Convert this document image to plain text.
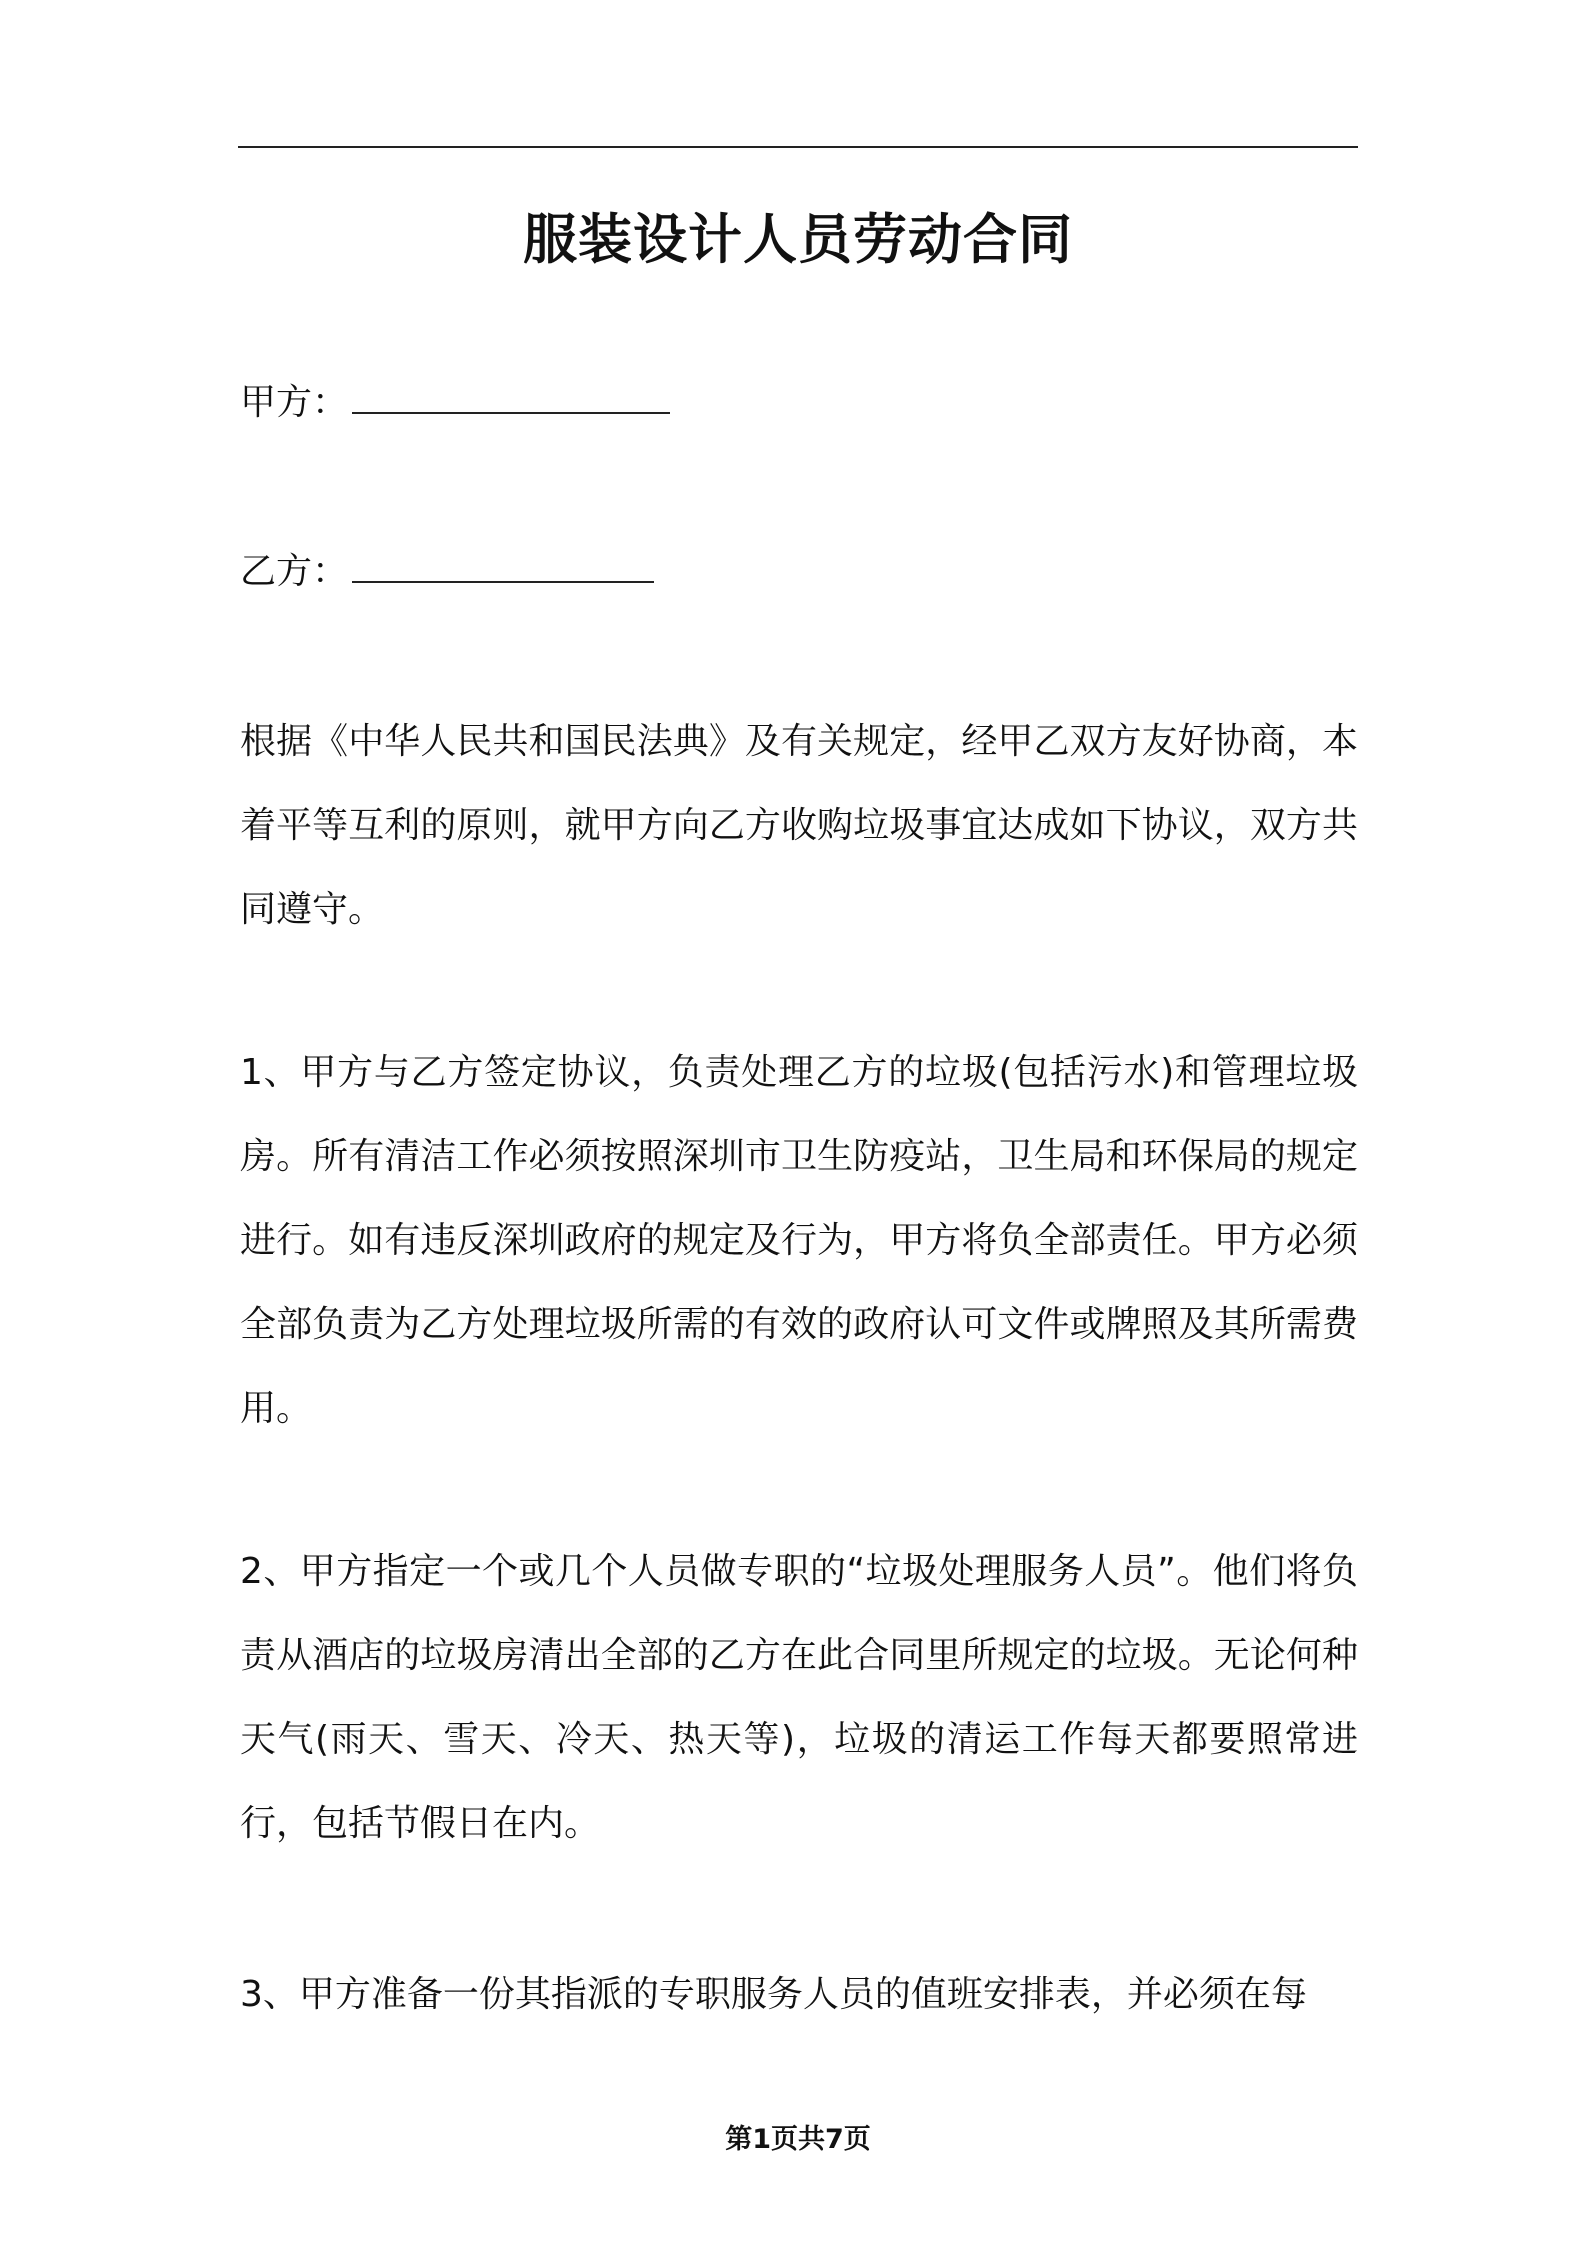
服装设计人员劳动合同
甲方：
乙方：

根据《中华人民共和国民法典》及有关规定，经甲乙双方友好协商，本着平等互利的原则，就甲方向乙方收购垃圾事宜达成如下协议，双方共同遵守。

1、甲方与乙方签定协议，负责处理乙方的垃圾(包括污水)和管理垃圾房。所有清洁工作必须按照深圳市卫生防疫站，卫生局和环保局的规定进行。如有违反深圳政府的规定及行为，甲方将负全部责任。甲方必须全部负责为乙方处理垃圾所需的有效的政府认可文件或牌照及其所需费用。

2、甲方指定一个或几个人员做专职的“垃圾处理服务人员”。他们将负责从酒店的垃圾房清出全部的乙方在此合同里所规定的垃圾。无论何种天气(雨天、雪天、冷天、热天等)，垃圾的清运工作每天都要照常进行，包括节假日在内。

3、甲方准备一份其指派的专职服务人员的值班安排表，并必须在每

第1页共7页
